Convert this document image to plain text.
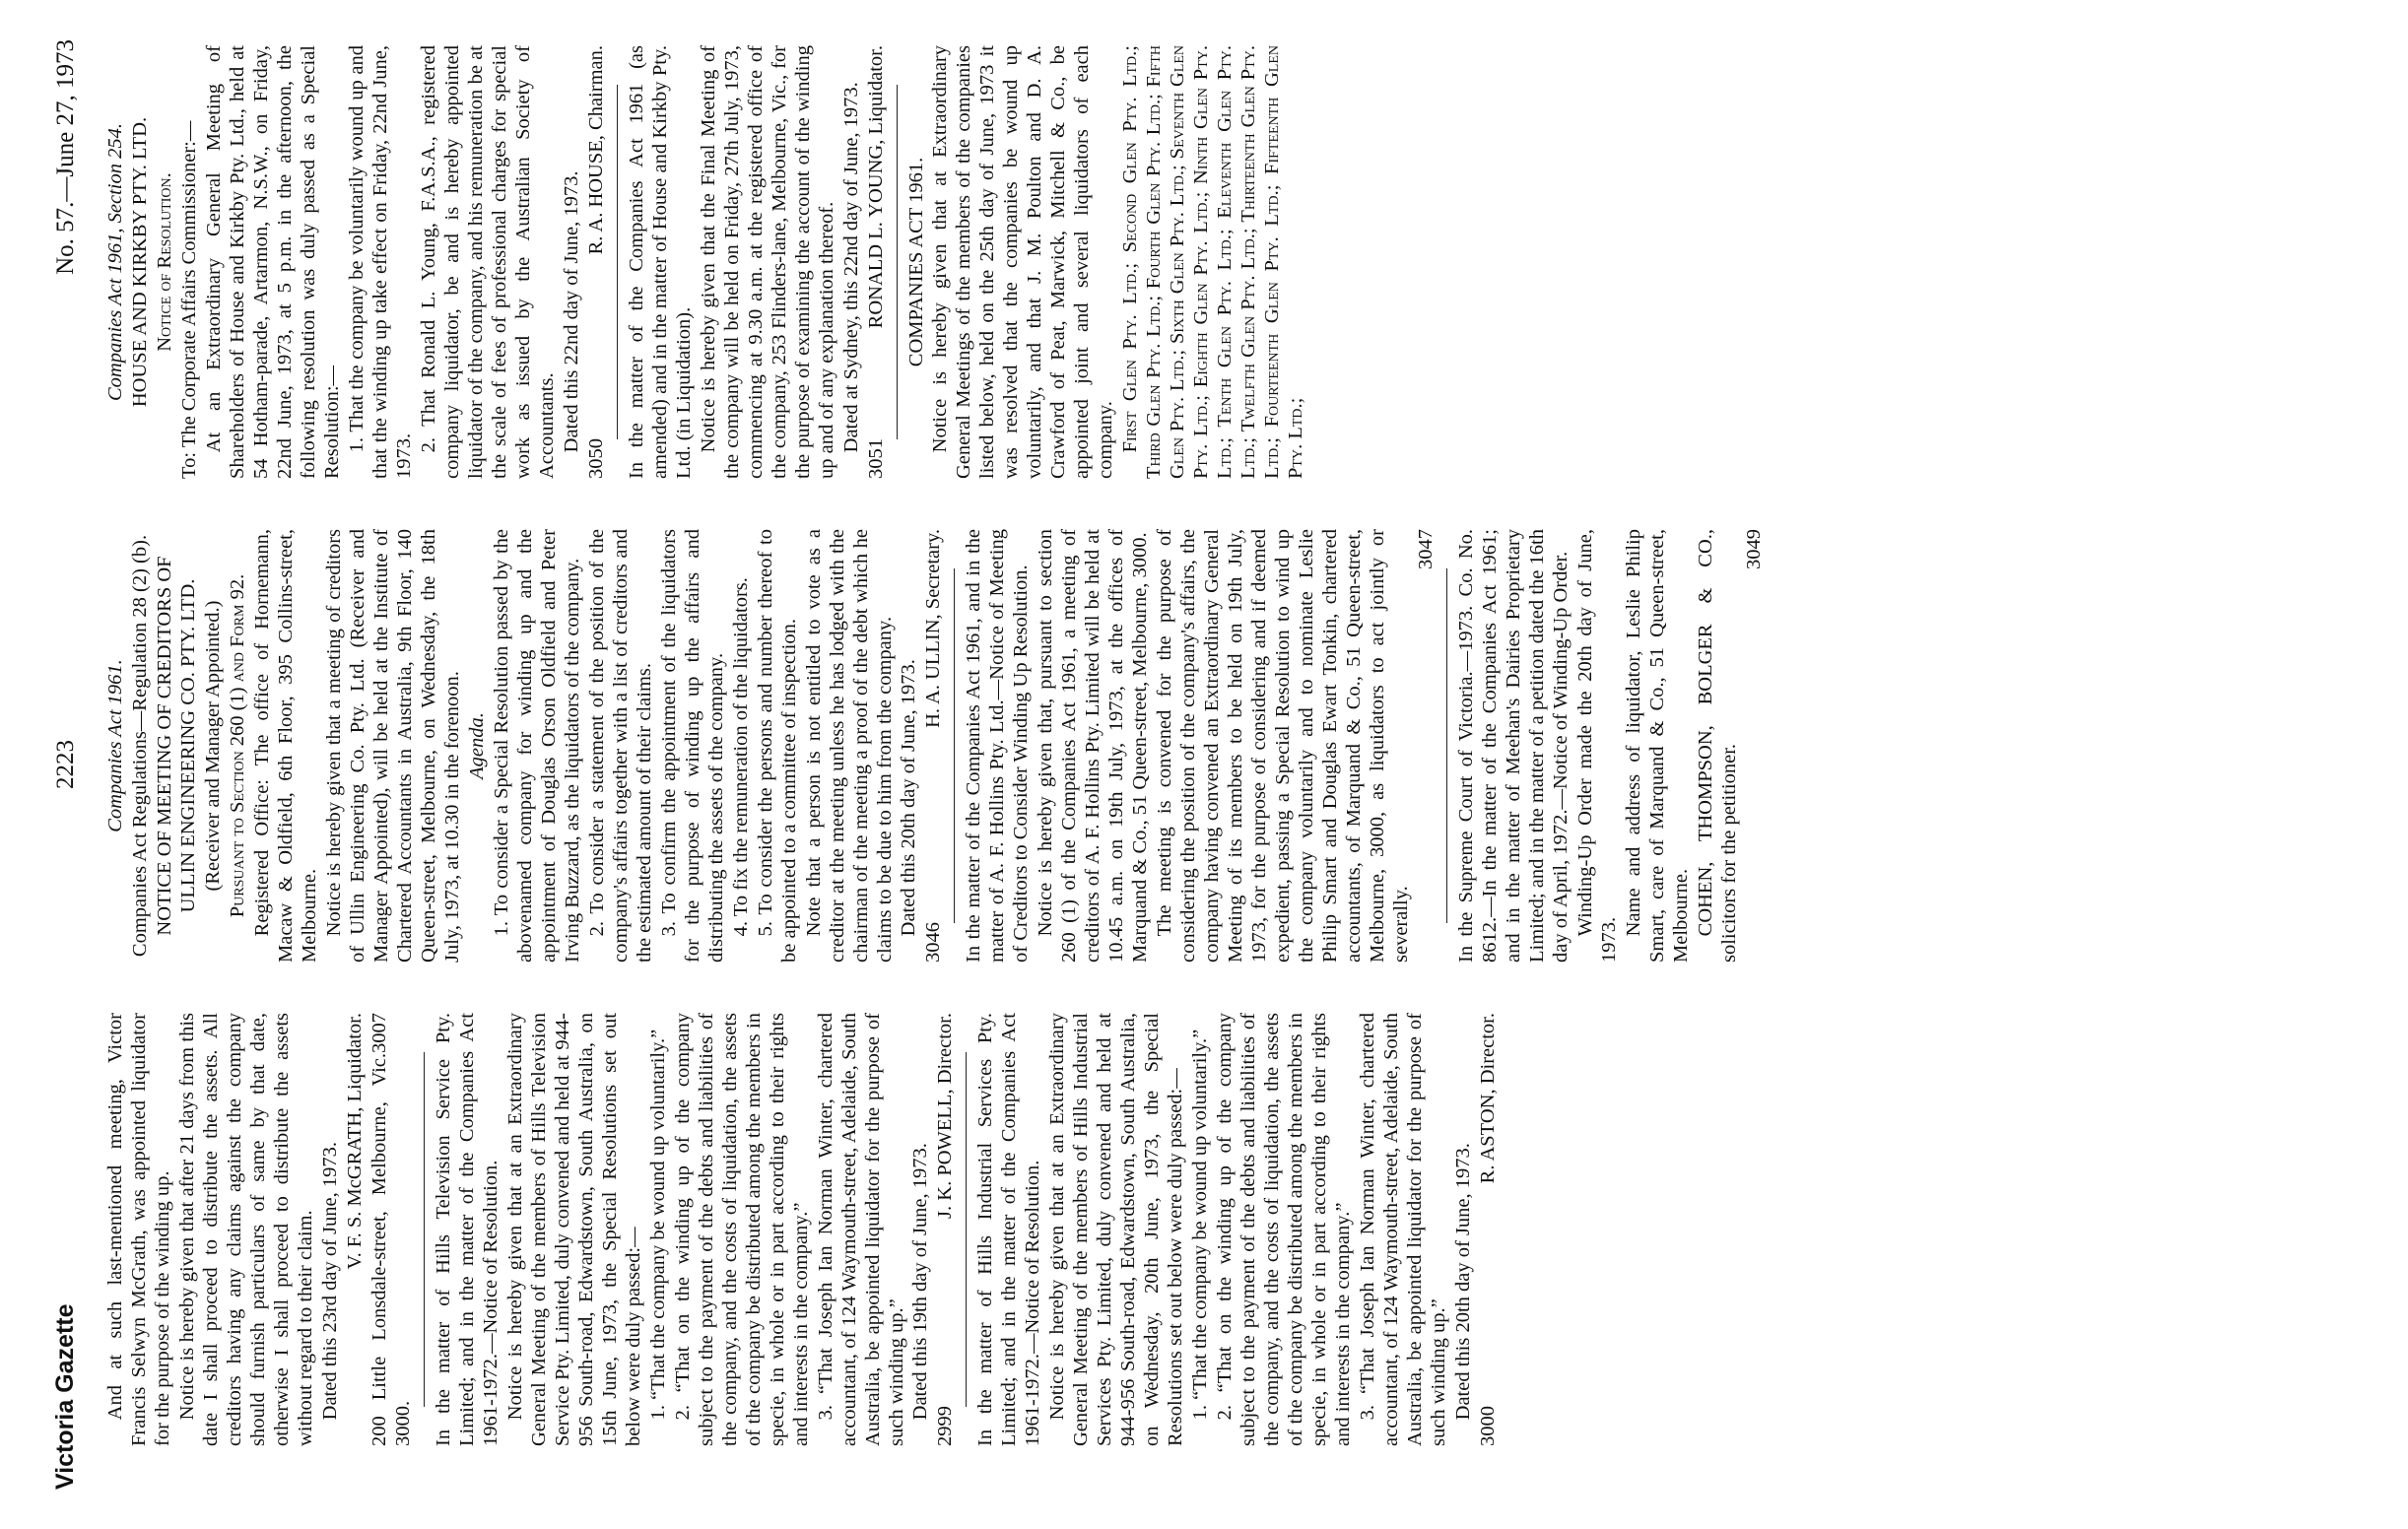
Victoria Gazette
2223
No. 57.—June 27, 1973

And at such last-mentioned meeting, Victor Francis Selwyn McGrath, was appointed liquidator for the purpose of the winding up. Notice is hereby given that after 21 days from this date I shall proceed to distribute the assets. All creditors having any claims against the company should furnish particulars of same by that date, otherwise I shall proceed to distribute the assets without regard to their claim. Dated this 23rd day of June, 1973.

V. F. S. McGRATH, Liquidator. 200 Little Lonsdale-street, Melbourne, Vic. 3000.
3007	In the matter of Hills Television Service Pty. Limited; and in the matter of the Companies Act 1961-1972.—Notice of Resolution. Notice is hereby given that at an Extraordinary General Meeting of the members of Hills Television Service Pty. Limited, duly convened and held at 944-956 South-road, Edwardstown, South Australia, on 15th June, 1973, the Special Resolutions set out below were duly passed:— 1. “That the company be wound up voluntarily.” 2. “That on the winding up of the company subject to the payment of the debts and liabilities of the company, and the costs of liquidation, the assets of the company be distributed among the members in specie, in whole or in part according to their rights and interests in the company.” 3. “That Joseph Ian Norman Winter, chartered accountant, of 124 Waymouth-street, Adelaide, South Australia, be appointed liquidator for the purpose of such winding up.” Dated this 19th day of June, 1973.

2999
J. K. POWELL, Director. In the matter of Hills Industrial Services Pty. Limited; and in the matter of the Companies Act 1961-1972.—Notice of Resolution. Notice is hereby given that at an Extraordinary General Meeting of the members of Hills Industrial Services Pty. Limited, duly convened and held at 944-956 South-road, Edwardstown, South Australia, on Wednesday, 20th June, 1973, the Special Resolutions set out below were duly passed:— 1. “That the company be wound up voluntarily.” 2. “That on the winding up of the company subject to the payment of the debts and liabilities of the company, and the costs of liquidation, the assets of the company be distributed among the members in specie, in whole or in part according to their rights and interests in the company.” 3. “That Joseph Ian Norman Winter, chartered accountant, of 124 Waymouth-street, Adelaide, South Australia, be appointed liquidator for the purpose of such winding up.” Dated this 20th day of June, 1973.

3000
R. ASTON, Director.

Companies Act 1961. Companies Act Regulations—Regulation 28 (2) (b). NOTICE OF MEETING OF CREDITORS OF ULLIN ENGINEERING CO. PTY. LTD. (Receiver and Manager Appointed.) Pursuant to Section 260 (1) and Form 92. Registered Office: The office of Hornemann, Macaw & Oldfield, 6th Floor, 395 Collins-street, Melbourne. Notice is hereby given that a meeting of creditors of Ullin Engineering Co. Pty. Ltd. (Receiver and Manager Appointed), will be held at the Institute of Chartered Accountants in Australia, 9th Floor, 140 Queen-street, Melbourne, on Wednesday, the 18th July, 1973, at 10.30 in the forenoon. Agenda. 1. To consider a Special Resolution passed by the abovenamed company for winding up and the appointment of Douglas Orson Oldfield and Peter Irving Buzzard, as the liquidators of the company. 2. To consider a statement of the position of the company's affairs together with a list of creditors and the estimated amount of their claims. 3. To confirm the appointment of the liquidators for the purpose of winding up the affairs and distributing the assets of the company. 4. To fix the remuneration of the liquidators. 5. To consider the persons and number thereof to be appointed to a committee of inspection. Note that a person is not entitled to vote as a creditor at the meeting unless he has lodged with the chairman of the meeting a proof of the debt which he claims to be due to him from the company. Dated this 20th day of June, 1973.

3046
H. A. ULLIN, Secretary. In the matter of the Companies Act 1961, and in the matter of A. F. Hollins Pty. Ltd.—Notice of Meeting of Creditors to Consider Winding Up Resolution. Notice is hereby given that, pursuant to section 260 (1) of the Companies Act 1961, a meeting of creditors of A. F. Hollins Pty. Limited will be held at 10.45 a.m. on 19th July, 1973, at the offices of Marquand & Co., 51 Queen-street, Melbourne, 3000. The meeting is convened for the purpose of considering the position of the company's affairs, the company having convened an Extraordinary General Meeting of its members to be held on 19th July, 1973, for the purpose of considering and if deemed expedient, passing a Special Resolution to wind up the company voluntarily and to nominate Leslie Philip Smart and Douglas Ewart Tonkin, chartered accountants, of Marquand & Co., 51 Queen-street, Melbourne, 3000, as liquidators to act jointly or severally.

3047 In the Supreme Court of Victoria.—1973. Co. No. 8612.—In the matter of the Companies Act 1961; and in the matter of Meehan's Dairies Proprietary Limited; and in the matter of a petition dated the 16th day of April, 1972.—Notice of Winding-Up Order. Winding-Up Order made the 20th day of June, 1973.

Name and address of liquidator, Leslie Philip Smart, care of Marquand & Co., 51 Queen-street, Melbourne. COHEN, THOMPSON, BOLGER & CO., solicitors for the petitioner.

3049

Companies Act 1961, Section 254. HOUSE AND KIRKBY PTY. LTD. Notice of Resolution. To: The Corporate Affairs Commissioner:— At an Extraordinary General Meeting of Shareholders of House and Kirkby Pty. Ltd., held at 54 Hotham-parade, Artarmon, N.S.W., on Friday, 22nd June, 1973, at 5 p.m. in the afternoon, the following resolution was duly passed as a Special Resolution:— 1. That the company be voluntarily wound up and that the winding up take effect on Friday, 22nd June, 1973.

2. That Ronald L. Young, F.A.S.A., registered company liquidator, be and is hereby appointed liquidator of the company, and his remuneration be at the scale of fees of professional charges for special work as issued by the Australian Society of Accountants. Dated this 22nd day of June, 1973.

3050
R. A. HOUSE, Chairman. In the matter of the Companies Act 1961 (as amended) and in the matter of House and Kirkby Pty. Ltd. (in Liquidation). Notice is hereby given that the Final Meeting of the company will be held on Friday, 27th July, 1973, commencing at 9.30 a.m. at the registered office of the company, 253 Flinders-lane, Melbourne, Vic., for the purpose of examining the account of the winding up and of any explanation thereof. Dated at Sydney, this 22nd day of June, 1973.

3051
RONALD L. YOUNG, Liquidator. COMPANIES ACT 1961. Notice is hereby given that at Extraordinary General Meetings of the members of the companies listed below, held on the 25th day of June, 1973 it was resolved that the companies be wound up voluntarily, and that J. M. Poulton and D. A. Crawford of Peat, Marwick, Mitchell & Co., be appointed joint and several liquidators of each company. First Glen Pty. Ltd.; Second Glen Pty. Ltd.; Third Glen Pty. Ltd.; Fourth Glen Pty. Ltd.; Fifth Glen Pty. Ltd.; Sixth Glen Pty. Ltd.; Seventh Glen Pty. Ltd.; Eighth Glen Pty. Ltd.; Ninth Glen Pty. Ltd.; Tenth Glen Pty. Ltd.; Eleventh Glen Pty. Ltd.; Twelfth Glen Pty. Ltd.; Thirteenth Glen Pty. Ltd.; Fourteenth Glen Pty. Ltd.; Fifteenth Glen Pty. Ltd.;
